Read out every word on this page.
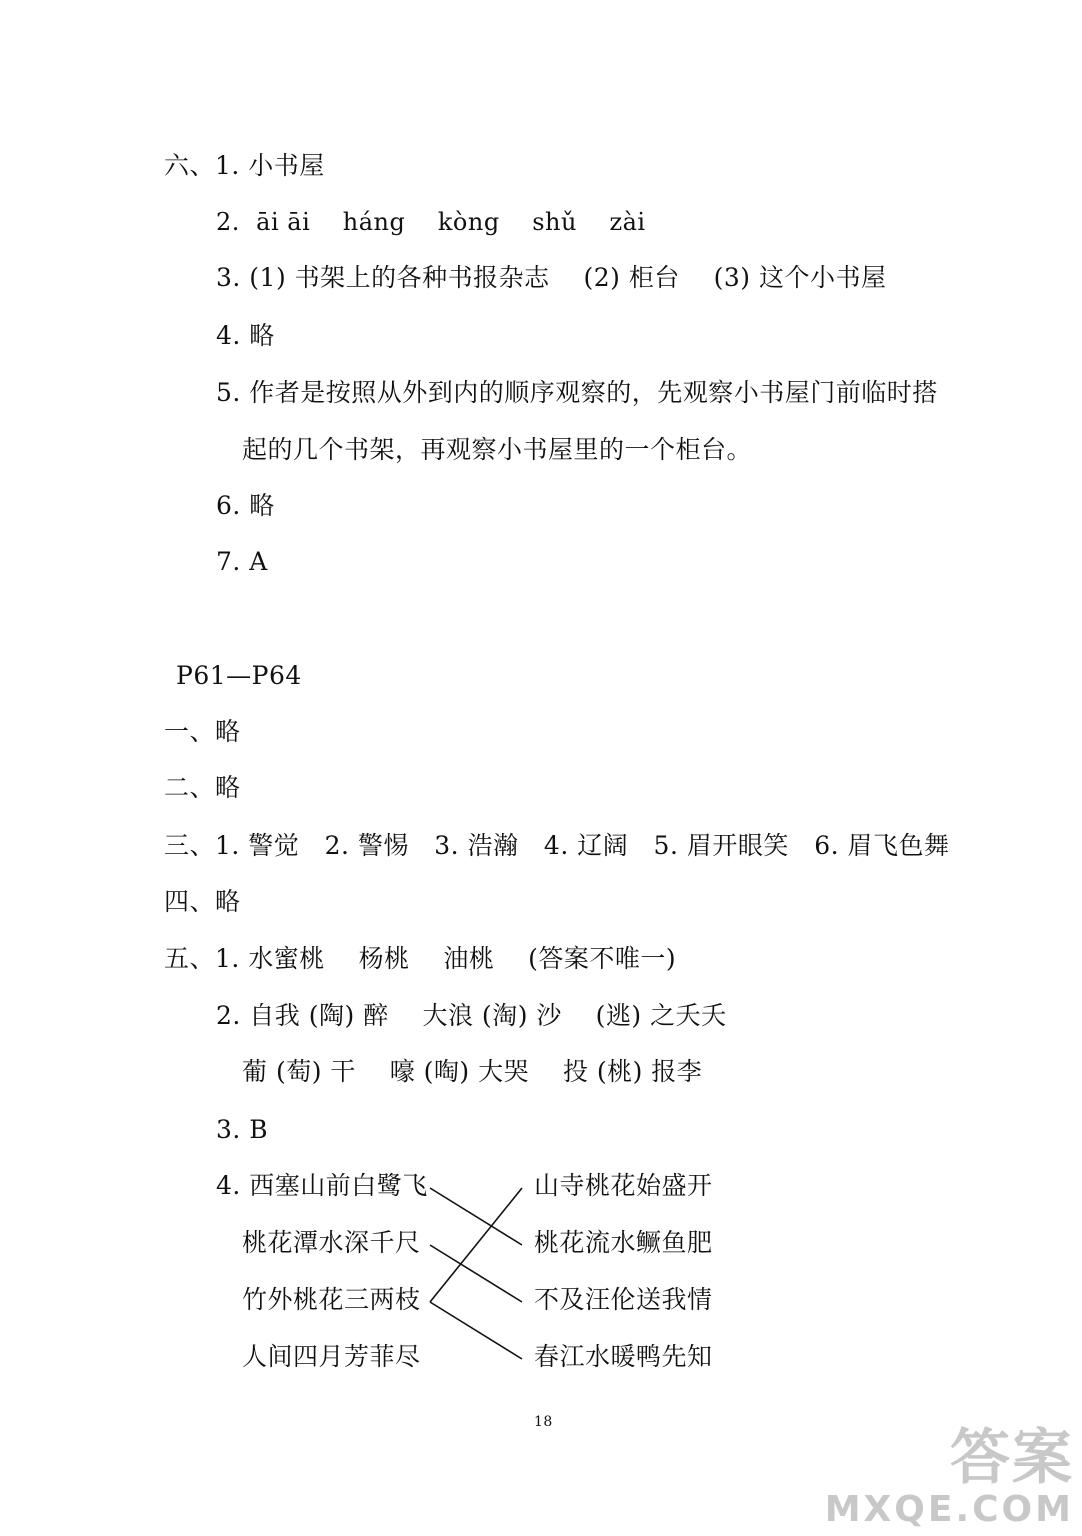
六、1. 小书屋
2.  āi āi    háng    kòng    shǔ    zài
3. (1) 书架上的各种书报杂志    (2) 柜台    (3) 这个小书屋
4. 略
5. 作者是按照从外到内的顺序观察的，先观察小书屋门前临时搭
起的几个书架，再观察小书屋里的一个柜台。
6. 略
7. A
P61—P64
一、略
二、略
三、1. 警觉   2. 警惕   3. 浩瀚   4. 辽阔   5. 眉开眼笑   6. 眉飞色舞
四、略
五、1. 水蜜桃    杨桃    油桃    (答案不唯一)
2. 自我 (陶) 醉    大浪 (淘) 沙    (逃) 之夭夭
葡 (萄) 干    嚎 (啕) 大哭    投 (桃) 报李
3. B
4. 西塞山前白鹭飞
桃花潭水深千尺
竹外桃花三两枝
人间四月芳菲尽
山寺桃花始盛开
桃花流水鳜鱼肥
不及汪伦送我情
春江水暖鸭先知
18
答案
MXQE.COM
